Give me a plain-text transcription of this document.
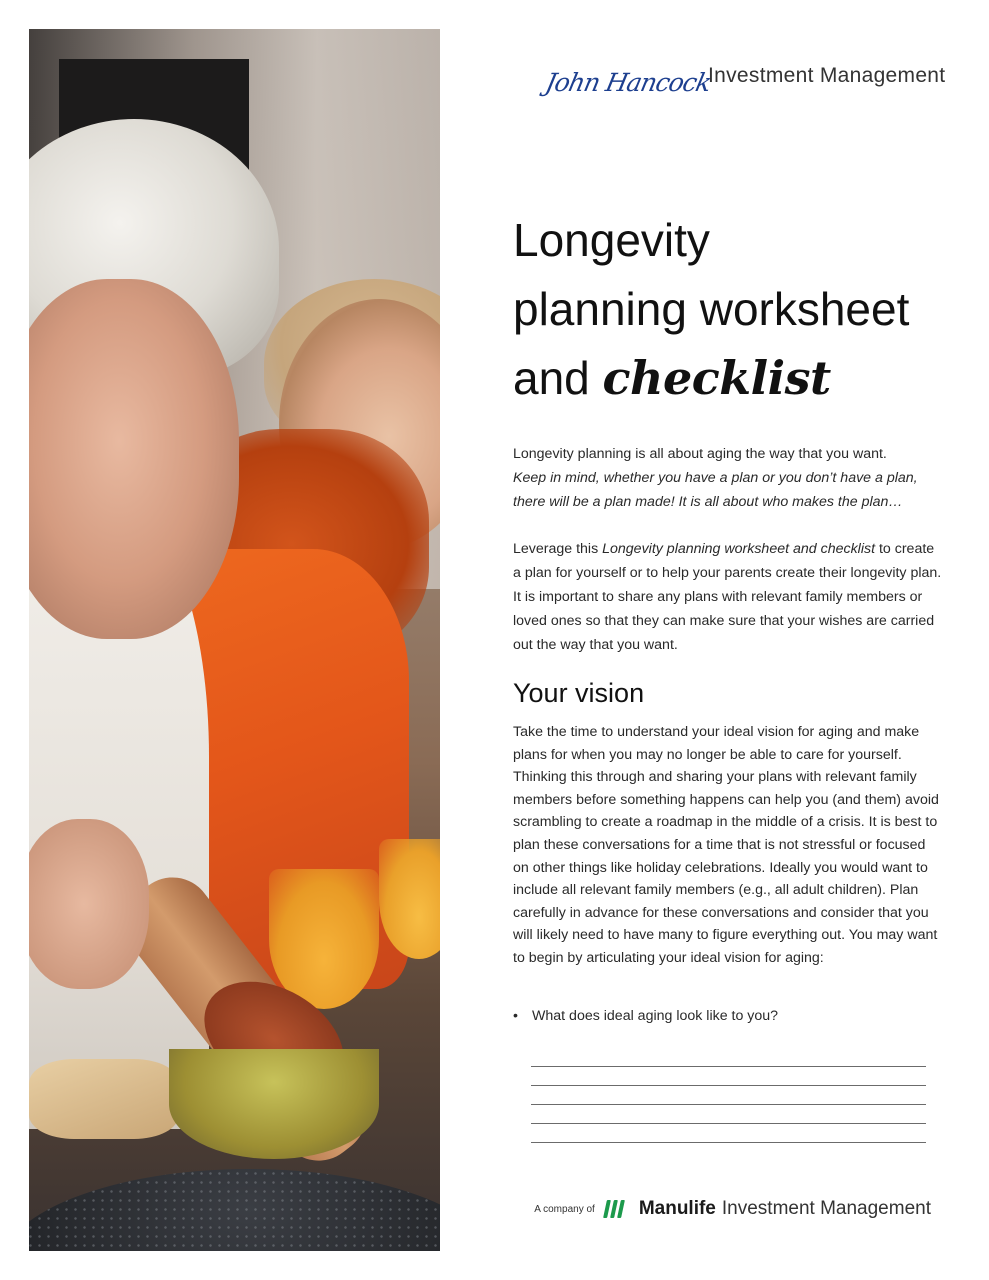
John Hancock
Investment Management
Longevity
planning worksheet
and checklist

Longevity planning is all about aging the way that you want.
Keep in mind, whether you have a plan or you don’t have a plan, there will be a plan made! It is all about who makes the plan…

Leverage this Longevity planning worksheet and checklist to create a plan for yourself or to help your parents create their longevity plan. It is important to share any plans with relevant family members or loved ones so that they can make sure that your wishes are carried out the way that you want.

Your vision

Take the time to understand your ideal vision for aging and make plans for when you may no longer be able to care for yourself. Thinking this through and sharing your plans with relevant family members before something happens can help you (and them) avoid scrambling to create a roadmap in the middle of a crisis. It is best to plan these conversations for a time that is not stressful or focused on other things like holiday celebrations. Ideally you would want to include all relevant family members (e.g., all adult children). Plan carefully in advance for these conversations and consider that you will likely need to have many to figure everything out. You may want to begin by articulating your ideal vision for aging:

• What does ideal aging look like to you?
A company of Manulife Investment Management
